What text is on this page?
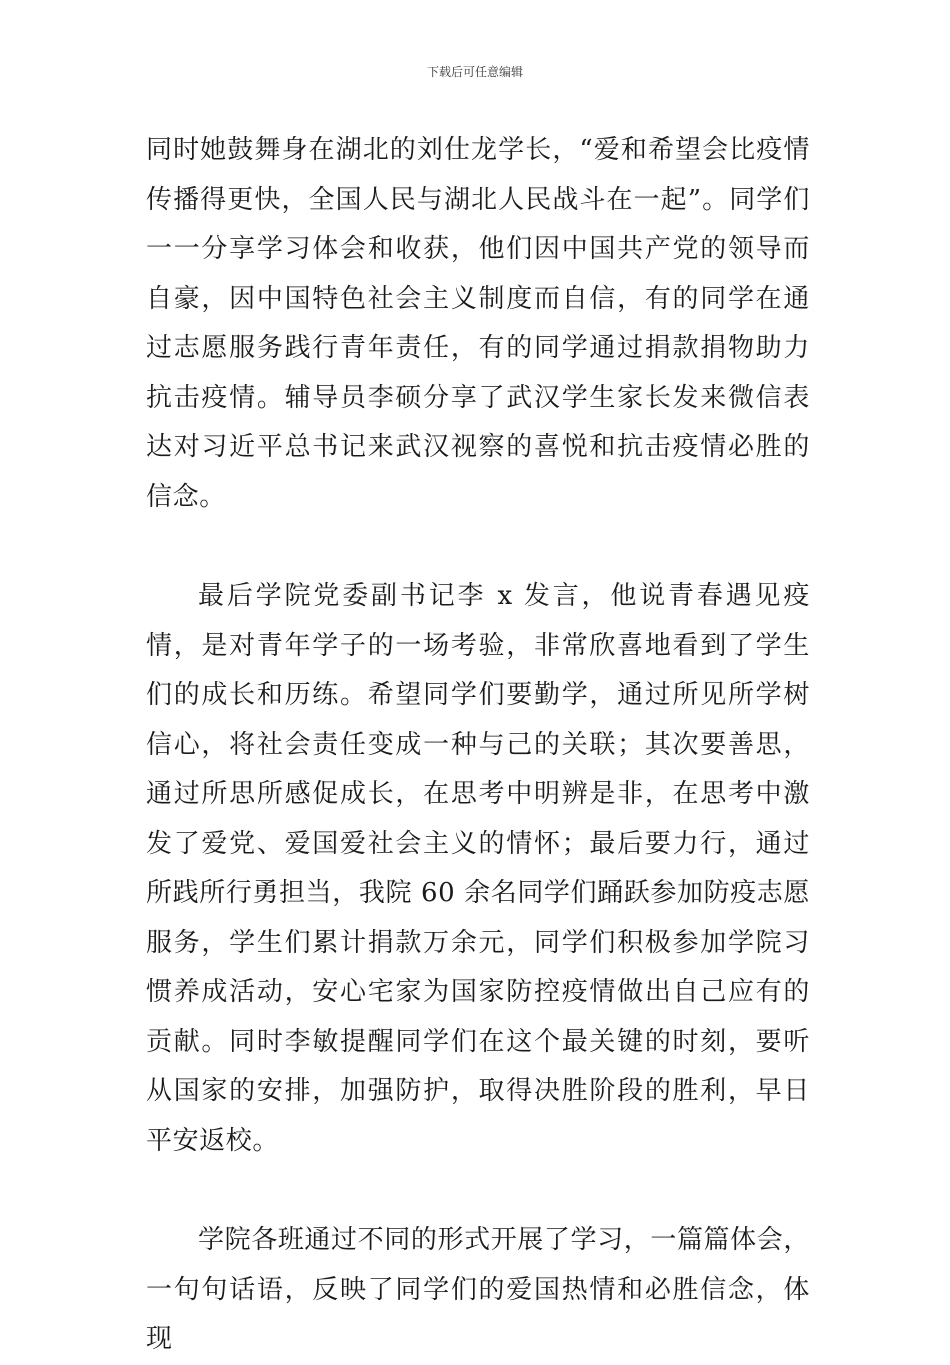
下载后可任意编辑

同时她鼓舞身在湖北的刘仕龙学长，“爱和希望会比疫情传播得更快，全国人民与湖北人民战斗在一起”。同学们一一分享学习体会和收获，他们因中国共产党的领导而自豪，因中国特色社会主义制度而自信，有的同学在通过志愿服务践行青年责任，有的同学通过捐款捐物助力抗击疫情。辅导员李硕分享了武汉学生家长发来微信表达对习近平总书记来武汉视察的喜悦和抗击疫情必胜的信念。

最后学院党委副书记李 x 发言，他说青春遇见疫情，是对青年学子的一场考验，非常欣喜地看到了学生们的成长和历练。希望同学们要勤学，通过所见所学树信心，将社会责任变成一种与己的关联；其次要善思，通过所思所感促成长，在思考中明辨是非，在思考中激发了爱党、爱国爱社会主义的情怀；最后要力行，通过所践所行勇担当，我院 60 余名同学们踊跃参加防疫志愿服务，学生们累计捐款万余元，同学们积极参加学院习惯养成活动，安心宅家为国家防控疫情做出自己应有的贡献。同时李敏提醒同学们在这个最关键的时刻，要听从国家的安排，加强防护，取得决胜阶段的胜利，早日平安返校。

学院各班通过不同的形式开展了学习，一篇篇体会，一句句话语，反映了同学们的爱国热情和必胜信念，体现
